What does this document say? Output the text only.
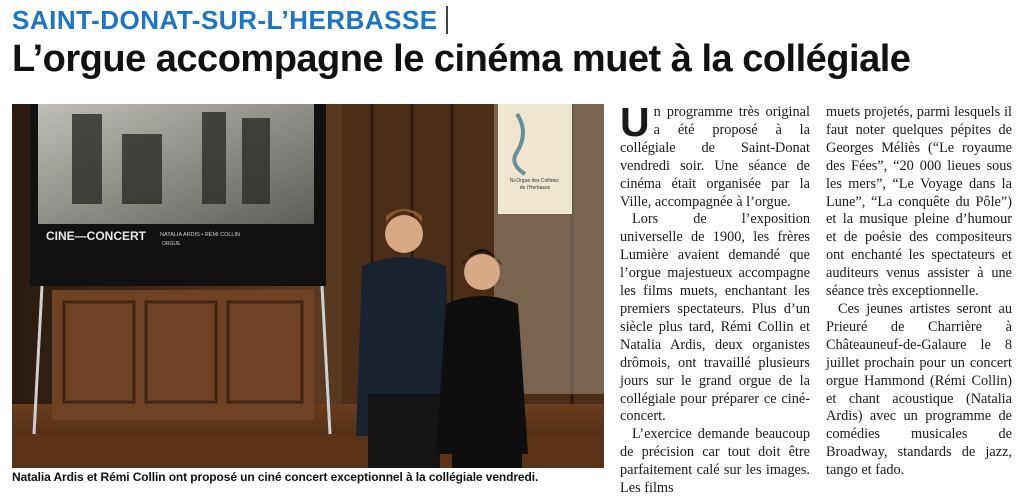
SAINT-DONAT-SUR-L’HERBASSE
L’orgue accompagne le cinéma muet à la collégiale
Ni-Orgue des Collines de l’Herbasse
CINE—CONCERT	NATALIA ARDIS • RÉMI COLLIN
ORGUE
Natalia Ardis et Rémi Collin ont proposé un ciné concert exceptionnel à la collégiale vendredi.

Un programme très original a été proposé à la collégiale de Saint-Donat vendredi soir. Une séance de cinéma était organisée par la Ville, accompagnée à l’orgue.

Lors de l’exposition universelle de 1900, les frères Lumière avaient demandé que l’orgue majestueux accompagne les films muets, enchantant les premiers spectateurs. Plus d’un siècle plus tard, Rémi Collin et Natalia Ardis, deux organistes drômois, ont travaillé plusieurs jours sur le grand orgue de la collégiale pour préparer ce ciné-concert.

L’exercice demande beaucoup de précision car tout doit être parfaitement calé sur les images. Les films

muets projetés, parmi lesquels il faut noter quelques pépites de Georges Méliès (“Le royaume des Fées”, “20 000 lieues sous les mers”, “Le Voyage dans la Lune”, “La conquête du Pôle”) et la musique pleine d’humour et de poésie des compositeurs ont enchanté les spectateurs et auditeurs venus assister à une séance très exceptionnelle.

Ces jeunes artistes seront au Prieuré de Charrière à Châteauneuf-de-Galaure le 8 juillet prochain pour un concert orgue Hammond (Rémi Collin) et chant acoustique (Natalia Ardis) avec un programme de comédies musicales de Broadway, standards de jazz, tango et fado.
